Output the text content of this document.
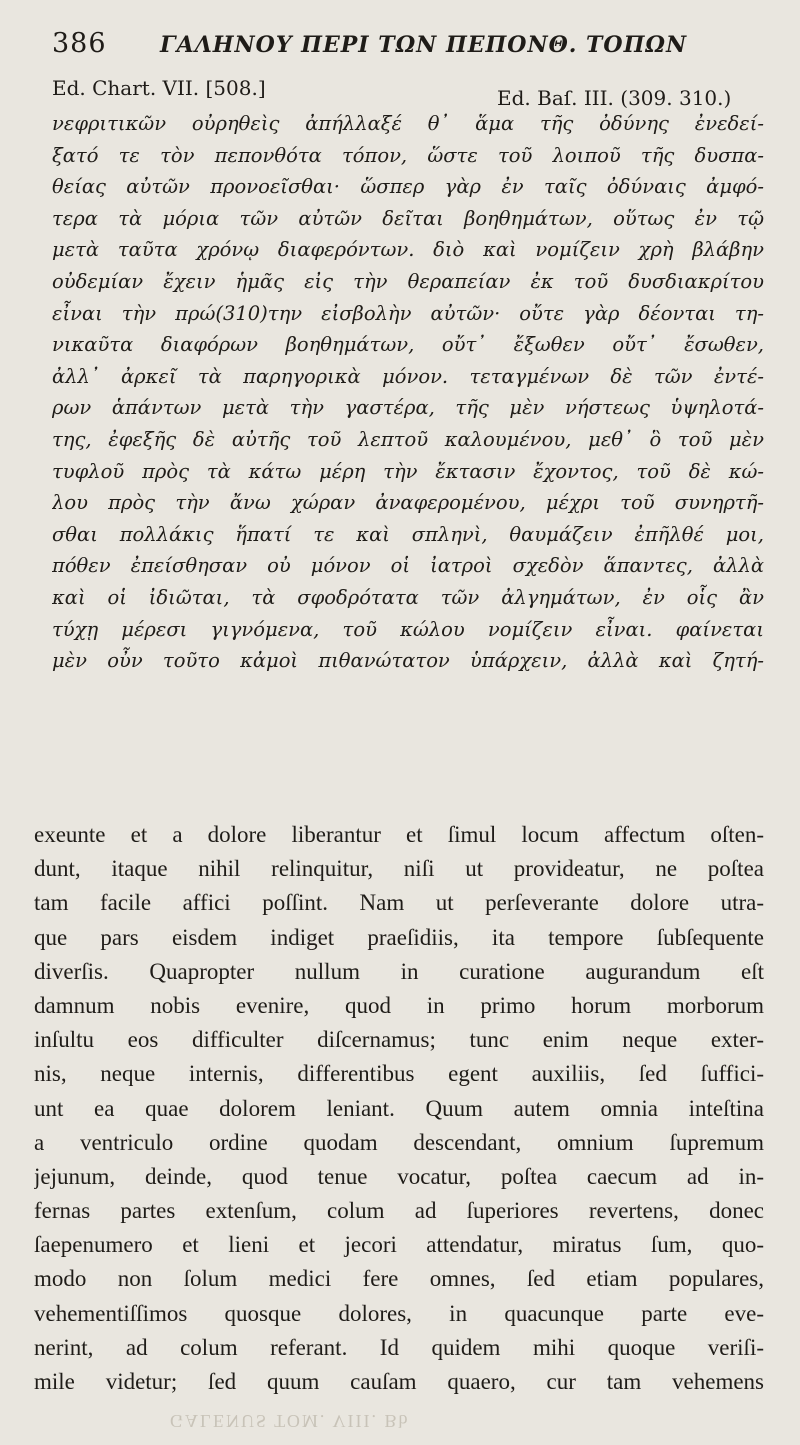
386 ΓΑΛΗΝΟΥ ΠΕΡΙ ΤΩΝ ΠΕΠΟΝΘ. ΤΟΠΩΝ
Ed. Chart. VII. [508.]	Ed. Baſ. III. (309. 310.)
νεφριτικῶν οὐρηθεὶς ἀπήλλαξέ θ᾽ ἅμα τῆς ὀδύνης ἐνεδεί-
ξατό τε τὸν πεπονθότα τόπον, ὥστε τοῦ λοιποῦ τῆς δυσπα-
θείας αὐτῶν προνοεῖσθαι· ὥσπερ γὰρ ἐν ταῖς ὀδύναις ἀμφό-
τερα τὰ μόρια τῶν αὐτῶν δεῖται βοηθημάτων, οὕτως ἐν τῷ
μετὰ ταῦτα χρόνῳ διαφερόντων. διὸ καὶ νομίζειν χρὴ βλάβην
οὐδεμίαν ἔχειν ἡμᾶς εἰς τὴν θεραπείαν ἐκ τοῦ δυσδιακρίτου
εἶναι τὴν πρώ(310)την εἰσβολὴν αὐτῶν· οὔτε γὰρ δέονται τη-
νικαῦτα διαφόρων βοηθημάτων, οὔτ᾽ ἔξωθεν οὔτ᾽ ἔσωθεν,
ἀλλ᾽ ἀρκεῖ τὰ παρηγορικὰ μόνον. τεταγμένων δὲ τῶν ἐντέ-
ρων ἁπάντων μετὰ τὴν γαστέρα, τῆς μὲν νήστεως ὑψηλοτά-
της, ἐφεξῆς δὲ αὐτῆς τοῦ λεπτοῦ καλουμένου, μεθ᾽ ὃ τοῦ μὲν
τυφλοῦ πρὸς τὰ κάτω μέρη τὴν ἔκτασιν ἔχοντος, τοῦ δὲ κώ-
λου πρὸς τὴν ἄνω χώραν ἀναφερομένου, μέχρι τοῦ συνηρτῆ-
σθαι πολλάκις ἥπατί τε καὶ σπληνὶ, θαυμάζειν ἐπῆλθέ μοι,
πόθεν ἐπείσθησαν οὐ μόνον οἱ ἰατροὶ σχεδὸν ἅπαντες, ἀλλὰ
καὶ οἱ ἰδιῶται, τὰ σφοδρότατα τῶν ἀλγημάτων, ἐν οἷς ἂν
τύχῃ μέρεσι γιγνόμενα, τοῦ κώλου νομίζειν εἶναι. φαίνεται
μὲν οὖν τοῦτο κἀμοὶ πιθανώτατον ὑπάρχειν, ἀλλὰ καὶ ζητή-
exeunte et a dolore liberantur et ſimul locum affectum oſten-
dunt, itaque nihil relinquitur, niſi ut provideatur, ne poſtea
tam facile affici poſſint. Nam ut perſeverante dolore utra-
que pars eisdem indiget praeſidiis, ita tempore ſubſequente
diverſis. Quapropter nullum in curatione augurandum eſt
damnum nobis evenire, quod in primo horum morborum
inſultu eos difficulter diſcernamus; tunc enim neque exter-
nis, neque internis, differentibus egent auxiliis, ſed ſuffici-
unt ea quae dolorem leniant. Quum autem omnia inteſtina
a ventriculo ordine quodam descendant, omnium ſupremum
jejunum, deinde, quod tenue vocatur, poſtea caecum ad in-
fernas partes extenſum, colum ad ſuperiores revertens, donec
ſaepenumero et lieni et jecori attendatur, miratus ſum, quo-
modo non ſolum medici fere omnes, ſed etiam populares,
vehementiſſimos quosque dolores, in quacunque parte eve-
nerint, ad colum referant. Id quidem mihi quoque veriſi-
mile videtur; ſed quum cauſam quaero, cur tam vehemens
GALENUS TOM. VIII. Bb
